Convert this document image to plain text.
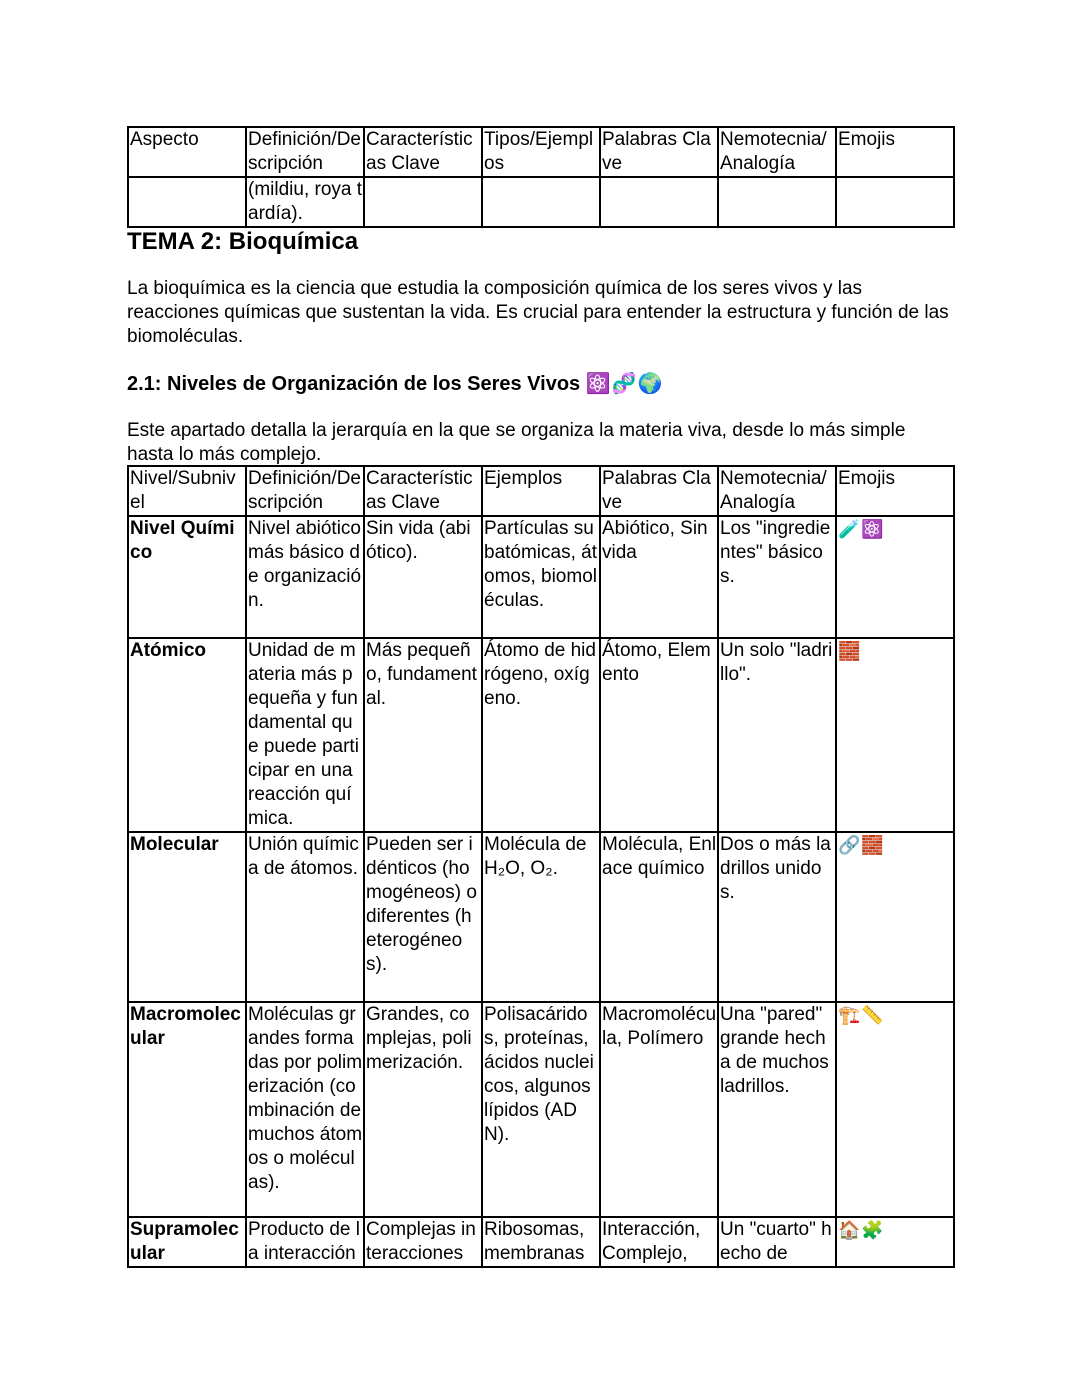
Aspecto	Definición/Descripción	Características Clave	Tipos/Ejemplos	Palabras Clave	Nemotecnia/ Analogía	Emojis
	(mildiu, roya tardía).					
TEMA 2: Bioquímica

La bioquímica es la ciencia que estudia la composición química de los seres vivos y las reacciones químicas que sustentan la vida. Es crucial para entender la estructura y función de las biomoléculas.

2.1: Niveles de Organización de los Seres Vivos ⚛️🧬🌍

Este apartado detalla la jerarquía en la que se organiza la materia viva, desde lo más simple hasta lo más complejo.

Nivel/Subnivel	Definición/Descripción	Características Clave	Ejemplos	Palabras Clave	Nemotecnia/ Analogía	Emojis
Nivel Químico	Nivel abiótico más básico de organización.	Sin vida (abiótico).	Partículas subatómicas, átomos, biomoléculas.	Abiótico, Sin vida	Los "ingredientes" básicos.	🧪⚛️
Atómico	Unidad de materia más pequeña y fundamental que puede participar en una reacción química.	Más pequeño, fundamental.	Átomo de hidrógeno, oxígeno.	Átomo, Elemento	Un solo "ladrillo".	🧱
Molecular	Unión química de átomos.	Pueden ser idénticos (homogéneos) o diferentes (heterogéneos).	Molécula de H₂O, O₂.	Molécula, Enlace químico	Dos o más ladrillos unidos.	🔗🧱
Macromolecular	Moléculas grandes formadas por polimerización (combinación de muchos átomos o moléculas).	Grandes, complejas, polimerización.	Polisacáridos, proteínas, ácidos nucleicos, algunos lípidos (ADN).	Macromolécula, Polímero	Una "pared" grande hecha de muchos ladrillos.	🏗️📏
Supramolecular	Producto de la interacción	Complejas interacciones	Ribosomas, membranas	Interacción, Complejo,	Un "cuarto" hecho de	🏠🧩
